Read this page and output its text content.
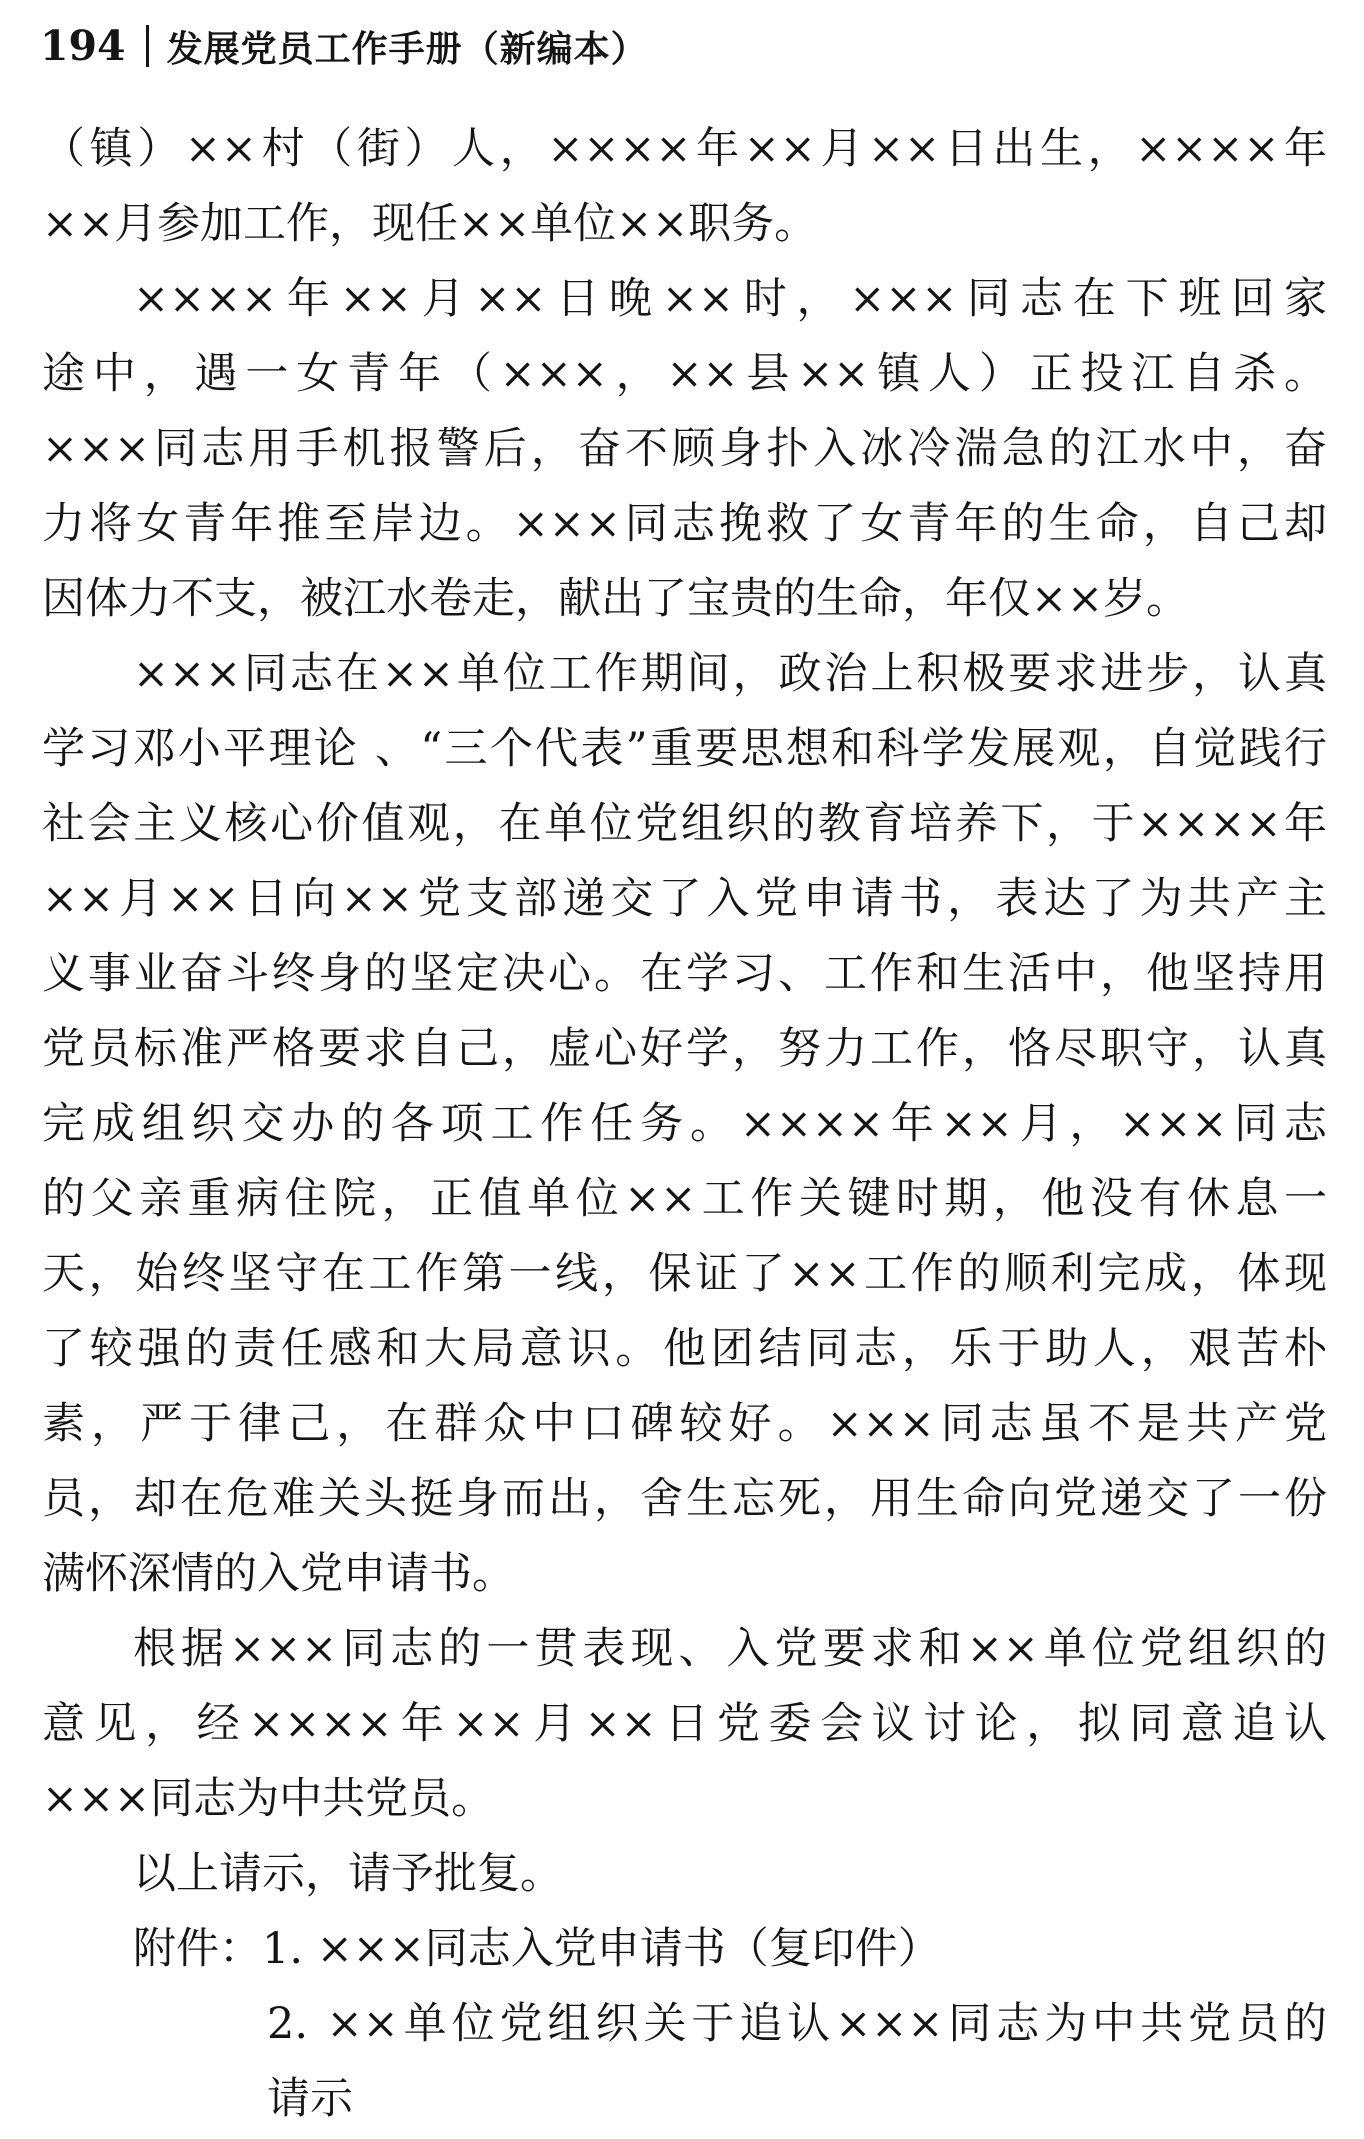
194 发展党员工作手册（新编本）
（镇）××村（街）人，××××年××月××日出生，××××年
××月参加工作，现任××单位××职务。
××××年××月××日晚××时，×××同志在下班回家
途中，遇一女青年（×××，××县××镇人）正投江自杀。
×××同志用手机报警后，奋不顾身扑入冰冷湍急的江水中，奋
力将女青年推至岸边。×××同志挽救了女青年的生命，自己却
因体力不支，被江水卷走，献出了宝贵的生命，年仅××岁。
×××同志在××单位工作期间，政治上积极要求进步，认真
学习邓小平理论 、“三个代表”重要思想和科学发展观，自觉践行
社会主义核心价值观，在单位党组织的教育培养下，于××××年
××月××日向××党支部递交了入党申请书，表达了为共产主
义事业奋斗终身的坚定决心。在学习、工作和生活中，他坚持用
党员标准严格要求自己，虚心好学，努力工作，恪尽职守，认真
完成组织交办的各项工作任务。××××年××月，×××同志
的父亲重病住院，正值单位××工作关键时期，他没有休息一
天，始终坚守在工作第一线，保证了××工作的顺利完成，体现
了较强的责任感和大局意识。他团结同志，乐于助人，艰苦朴
素，严于律己，在群众中口碑较好。×××同志虽不是共产党
员，却在危难关头挺身而出，舍生忘死，用生命向党递交了一份
满怀深情的入党申请书。
根据×××同志的一贯表现、入党要求和××单位党组织的
意见，经××××年××月××日党委会议讨论，拟同意追认
×××同志为中共党员。
以上请示，请予批复。
附件：1. ×××同志入党申请书（复印件）
2. ××单位党组织关于追认×××同志为中共党员的
请示
